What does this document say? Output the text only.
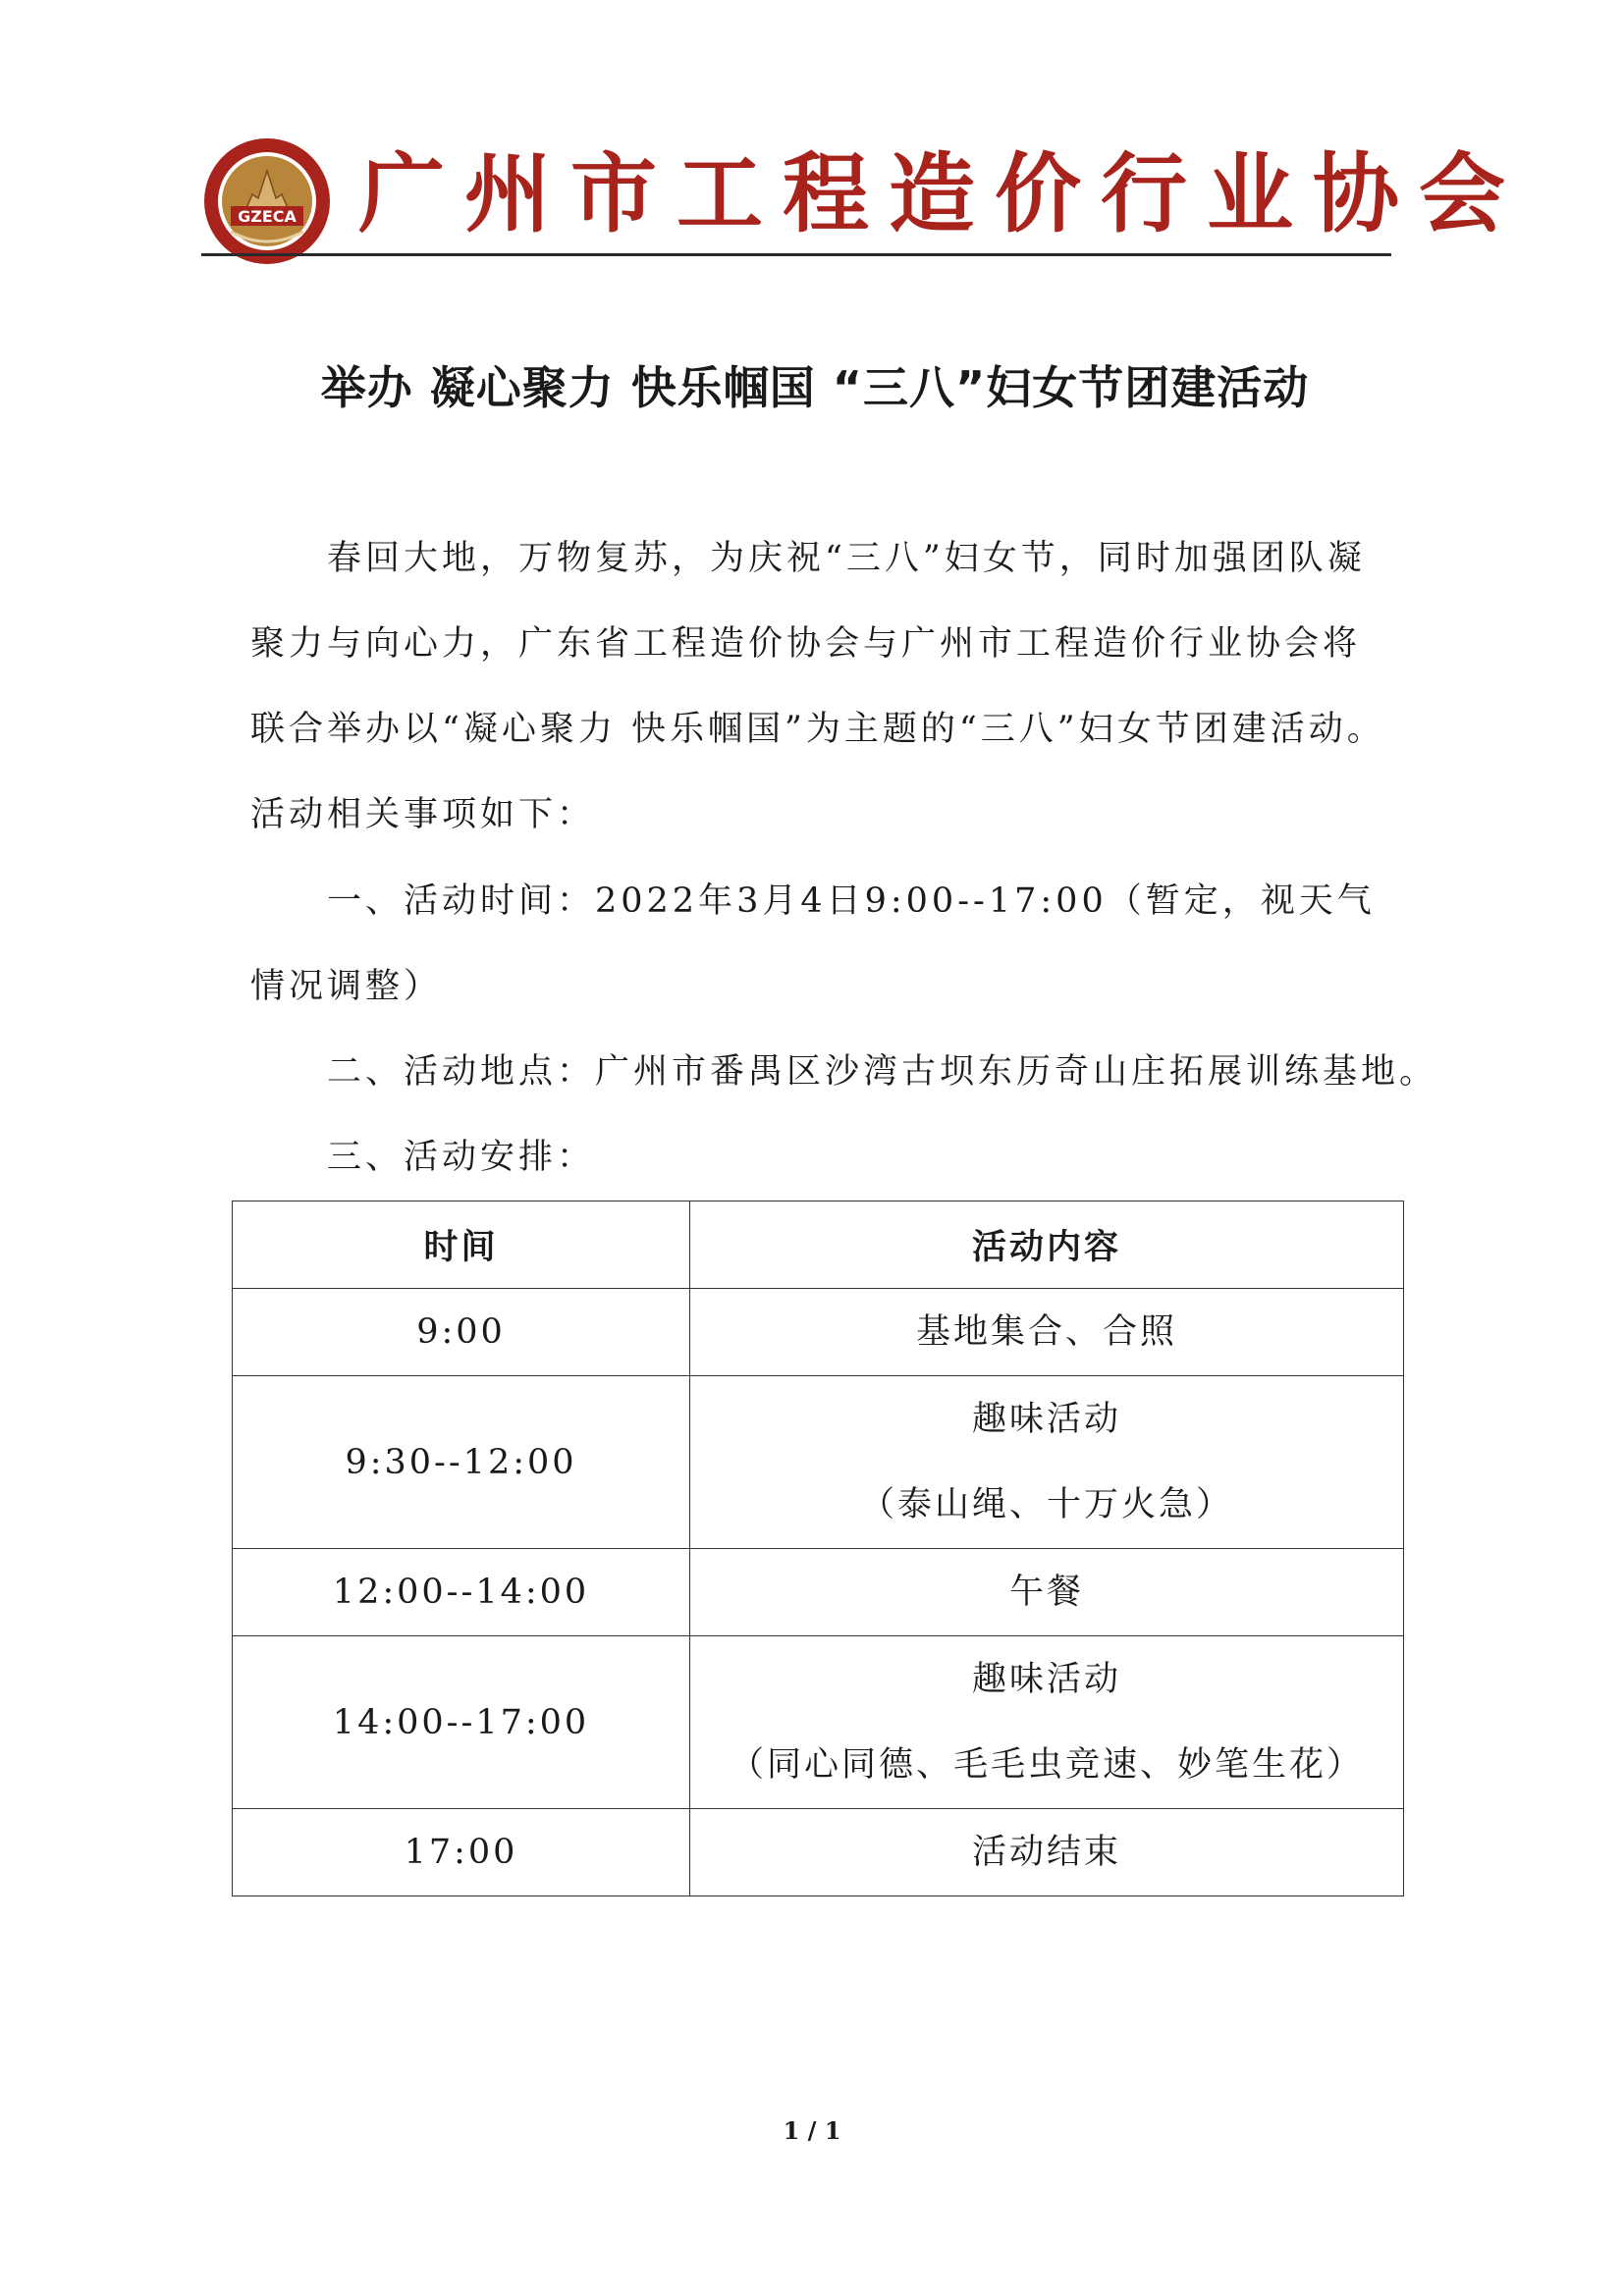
GZECA 广州市工程造价行业协会
举办 凝心聚力 快乐帼国 “三八”妇女节团建活动
春回大地，万物复苏，为庆祝“三八”妇女节，同时加强团队凝聚力与向心力，广东省工程造价协会与广州市工程造价行业协会将联合举办以“凝心聚力 快乐帼国”为主题的“三八”妇女节团建活动。活动相关事项如下：
一、活动时间：2022年3月4日9:00--17:00（暂定，视天气情况调整）
二、活动地点：广州市番禺区沙湾古坝东历奇山庄拓展训练基地。
三、活动安排：
时间	活动内容
9:00	基地集合、合照

9:30--12:00	趣味活动
（泰山绳、十万火急）

12:00--14:00	午餐

14:00--17:00	趣味活动
（同心同德、毛毛虫竞速、妙笔生花）

17:00	活动结束
1 / 1
